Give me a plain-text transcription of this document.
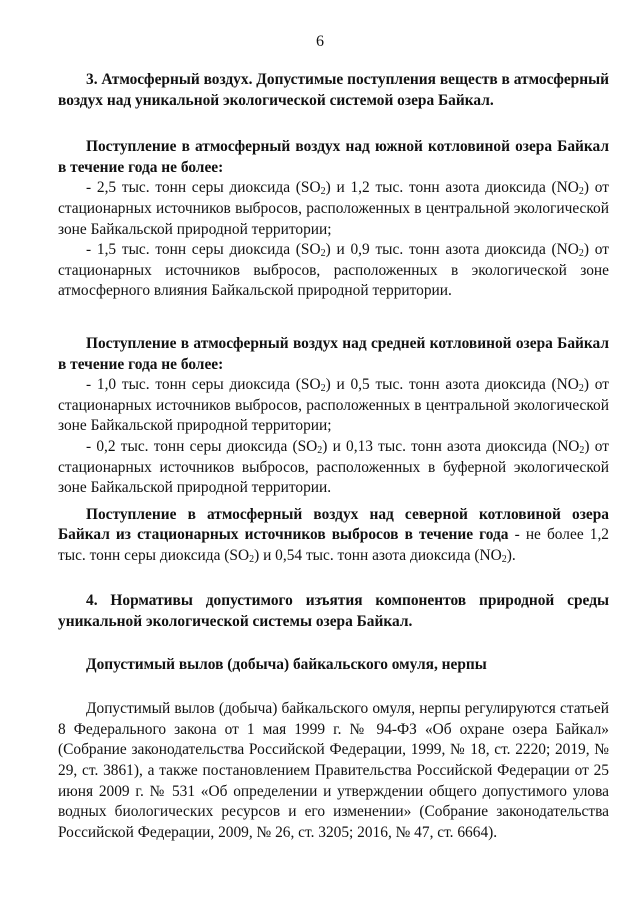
6

3. Атмосферный воздух. Допустимые поступления веществ в атмосферный воздух над уникальной экологической системой озера Байкал.

Поступление в атмосферный воздух над южной котловиной озера Байкал в течение года не более:

- 2,5 тыс. тонн серы диоксида $(SO_2)$ и 1,2 тыс. тонн азота диоксида $(NO_2)$ от стационарных источников выбросов, расположенных в центральной экологической зоне Байкальской природной территории;

- 1,5 тыс. тонн серы диоксида $(SO_2)$ и 0,9 тыс. тонн азота диоксида $(NO_2)$ от стационарных источников выбросов, расположенных в экологической зоне атмосферного влияния Байкальской природной территории.

Поступление в атмосферный воздух над средней котловиной озера Байкал в течение года не более:

- 1,0 тыс. тонн серы диоксида $(SO_2)$ и 0,5 тыс. тонн азота диоксида $(NO_2)$ от стационарных источников выбросов, расположенных в центральной экологической зоне Байкальской природной территории;

- 0,2 тыс. тонн серы диоксида $(SO_2)$ и 0,13 тыс. тонн азота диоксида $(NO_2)$ от стационарных источников выбросов, расположенных в буферной экологической зоне Байкальской природной территории.

Поступление в атмосферный воздух над северной котловиной озера Байкал из стационарных источников выбросов в течение года - не более 1,2 тыс. тонн серы диоксида $(SO_2)$ и 0,54 тыс. тонн азота диоксида $(NO_2)$.

4. Нормативы допустимого изъятия компонентов природной среды уникальной экологической системы озера Байкал.

Допустимый вылов (добыча) байкальского омуля, нерпы

Допустимый вылов (добыча) байкальского омуля, нерпы регулируются статьей 8 Федерального закона от 1 мая 1999 г. № 94-ФЗ «Об охране озера Байкал» (Собрание законодательства Российской Федерации, 1999, № 18, ст. 2220; 2019, № 29, ст. 3861), а также постановлением Правительства Российской Федерации от 25 июня 2009 г. № 531 «Об определении и утверждении общего допустимого улова водных биологических ресурсов и его изменении» (Собрание законодательства Российской Федерации, 2009, № 26, ст. 3205; 2016, № 47, ст. 6664).
